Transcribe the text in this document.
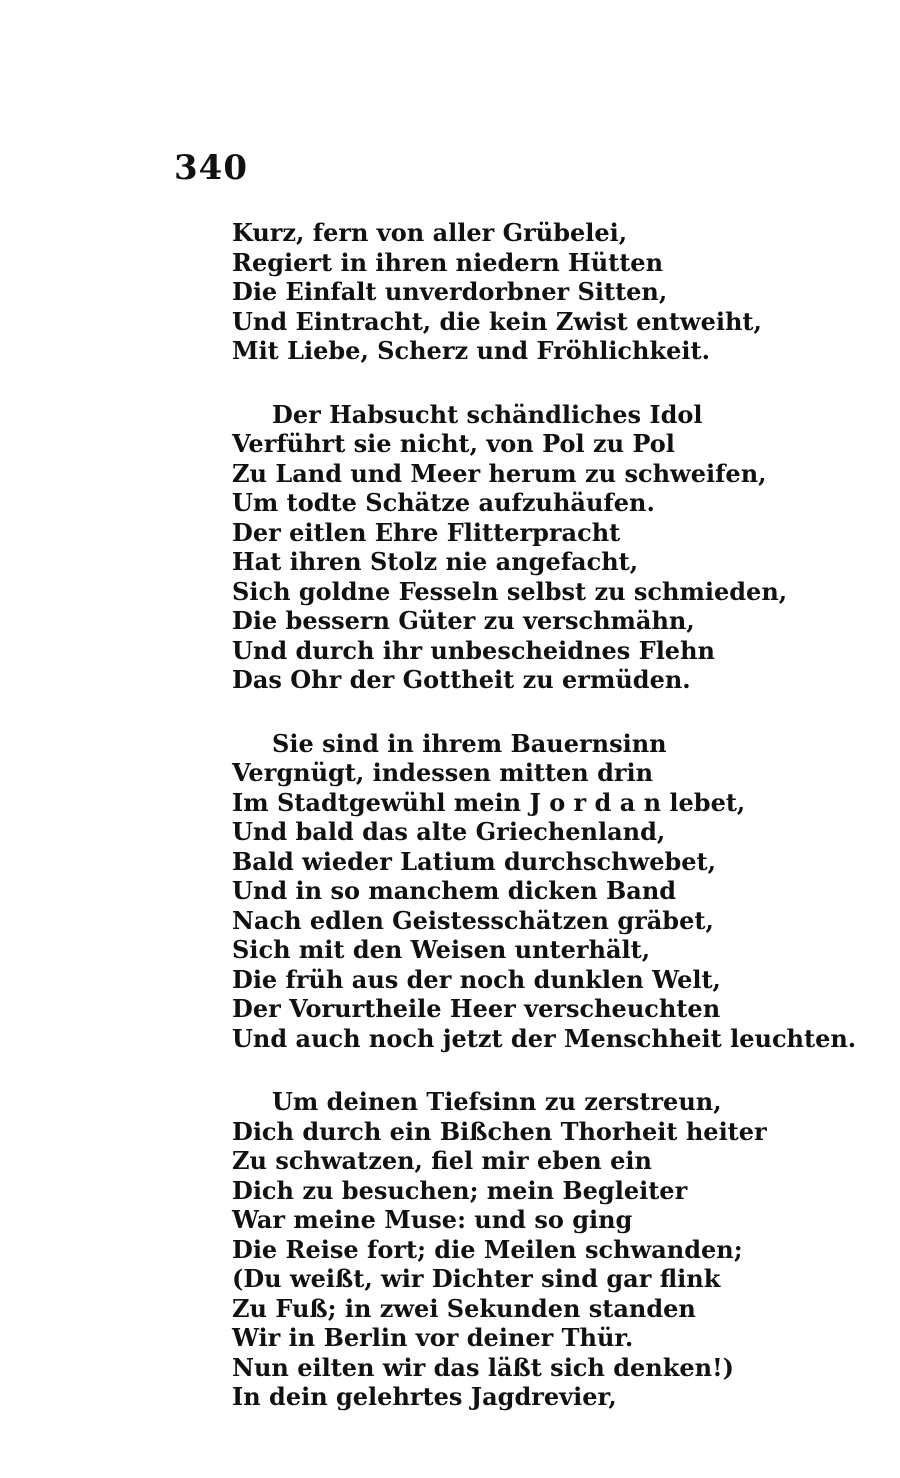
340
Kurz, fern von aller Grübelei,
Regiert in ihren niedern Hütten
Die Einfalt unverdorbner Sitten,
Und Eintracht, die kein Zwist entweiht,
Mit Liebe, Scherz und Fröhlichkeit.
Der Habsucht schändliches Idol
Verführt sie nicht, von Pol zu Pol
Zu Land und Meer herum zu schweifen,
Um todte Schätze aufzuhäufen.
Der eitlen Ehre Flitterpracht
Hat ihren Stolz nie angefacht,
Sich goldne Fesseln selbst zu schmieden,
Die bessern Güter zu verschmähn,
Und durch ihr unbescheidnes Flehn
Das Ohr der Gottheit zu ermüden.
Sie sind in ihrem Bauernsinn
Vergnügt, indessen mitten drin
Im Stadtgewühl mein J o r d a n lebet,
Und bald das alte Griechenland,
Bald wieder Latium durchschwebet,
Und in so manchem dicken Band
Nach edlen Geistesschätzen gräbet,
Sich mit den Weisen unterhält,
Die früh aus der noch dunklen Welt,
Der Vorurtheile Heer verscheuchten
Und auch noch jetzt der Menschheit leuchten.
Um deinen Tiefsinn zu zerstreun,
Dich durch ein Bißchen Thorheit heiter
Zu schwatzen, fiel mir eben ein
Dich zu besuchen; mein Begleiter
War meine Muse: und so ging
Die Reise fort; die Meilen schwanden;
(Du weißt, wir Dichter sind gar flink
Zu Fuß; in zwei Sekunden standen
Wir in Berlin vor deiner Thür.
Nun eilten wir das läßt sich denken!)
In dein gelehrtes Jagdrevier,
